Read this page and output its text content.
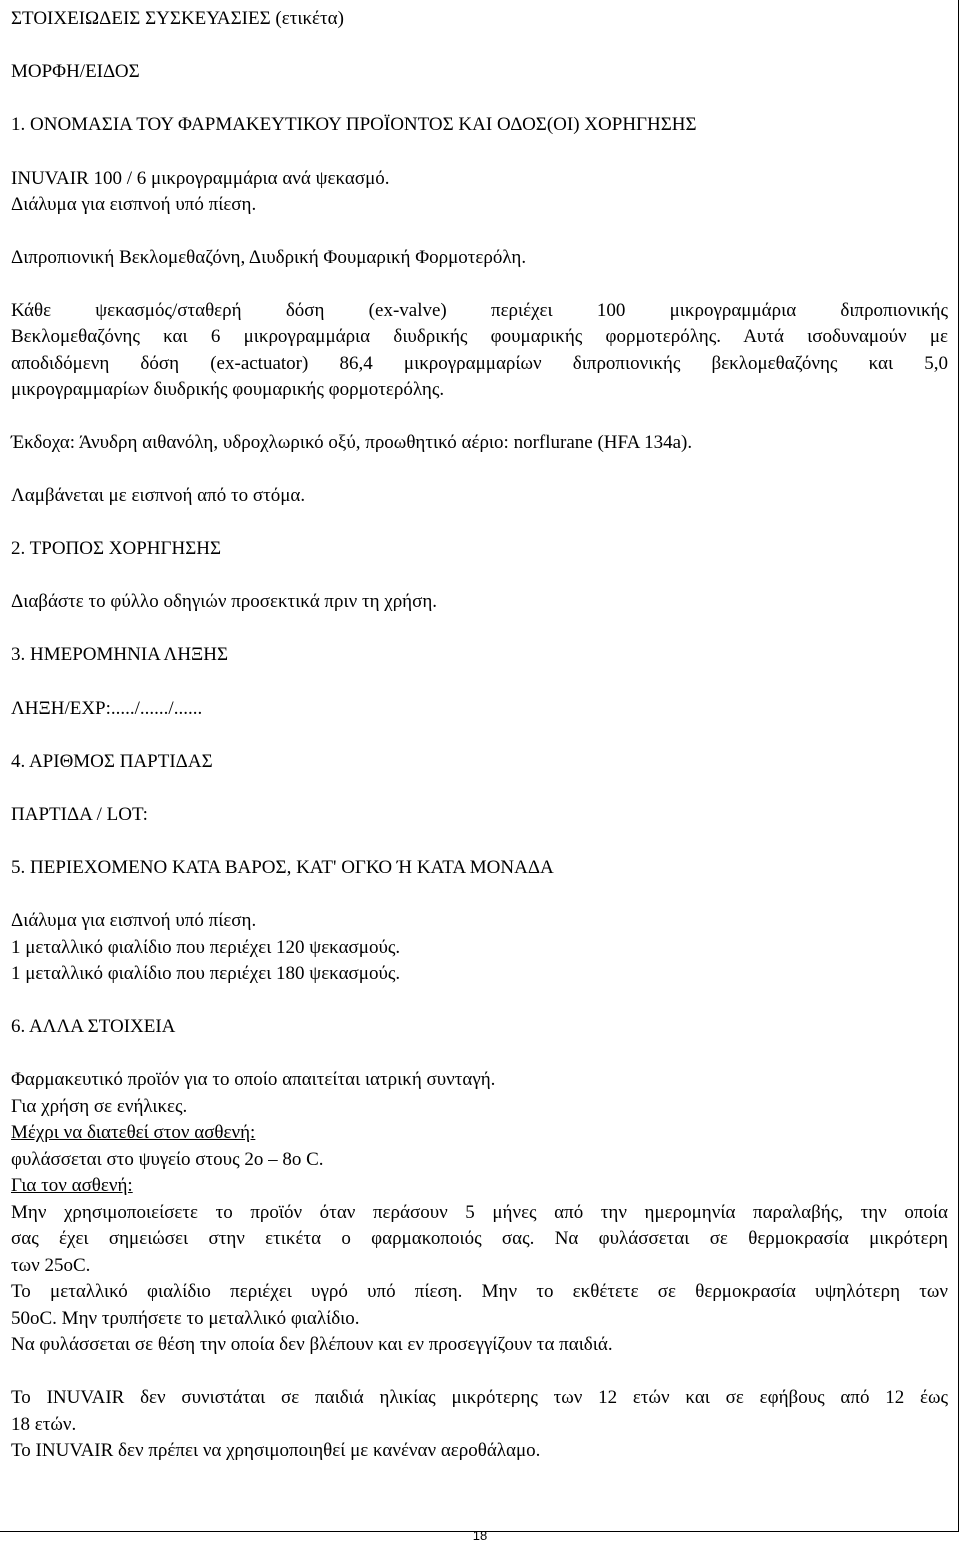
ΣΤΟΙΧΕΙΩΔΕΙΣ ΣΥΣΚΕΥΑΣΙΕΣ (ετικέτα)
ΜΟΡΦΗ/ΕΙΔΟΣ
1. ΟΝΟΜΑΣΙΑ ΤΟΥ ΦΑΡΜΑΚΕΥΤΙΚΟΥ ΠΡΟΪΟΝΤΟΣ ΚΑΙ ΟΔΟΣ(ΟΙ) ΧΟΡΗΓΗΣΗΣ
INUVAIR 100 / 6 μικρογραμμάρια ανά ψεκασμό.
Διάλυμα για εισπνοή υπό πίεση.
Διπροπιονική Βεκλομεθαζόνη, Διυδρική Φουμαρική Φορμοτερόλη.
Κάθε ψεκασμός/σταθερή δόση (ex-valve) περιέχει 100 μικρογραμμάρια διπροπιονικής
Βεκλομεθαζόνης και 6 μικρογραμμάρια διυδρικής φουμαρικής φορμοτερόλης. Αυτά ισοδυναμούν με
αποδιδόμενη δόση (ex-actuator) 86,4 μικρογραμμαρίων διπροπιονικής βεκλομεθαζόνης και 5,0
μικρογραμμαρίων διυδρικής φουμαρικής φορμοτερόλης.
Έκδοχα: Άνυδρη αιθανόλη, υδροχλωρικό οξύ, προωθητικό αέριο: norflurane (HFA 134a).
Λαμβάνεται με εισπνοή από το στόμα.
2. ΤΡΟΠΟΣ ΧΟΡΗΓΗΣΗΣ
Διαβάστε το φύλλο οδηγιών προσεκτικά πριν τη χρήση.
3. ΗΜΕΡΟΜΗΝΙΑ ΛΗΞΗΣ
ΛΗΞΗ/EXP:...../....../......
4. ΑΡΙΘΜΟΣ ΠΑΡΤΙΔΑΣ
ΠΑΡΤΙΔΑ / LOT:
5. ΠΕΡΙΕΧΟΜΕΝΟ ΚΑΤΑ ΒΑΡΟΣ, ΚΑΤ' ΟΓΚΟ Ή ΚΑΤΑ ΜΟΝΑΔΑ
Διάλυμα για εισπνοή υπό πίεση.
1 μεταλλικό φιαλίδιο που περιέχει 120 ψεκασμούς.
1 μεταλλικό φιαλίδιο που περιέχει 180 ψεκασμούς.
6. ΑΛΛΑ ΣΤΟΙΧΕΙΑ
Φαρμακευτικό προϊόν για το οποίο απαιτείται ιατρική συνταγή.
Για χρήση σε ενήλικες.
Μέχρι να διατεθεί στον ασθενή:
φυλάσσεται στο ψυγείο στους 2ο – 8ο C.
Για τον ασθενή:
Μην χρησιμοποιείσετε το προϊόν όταν περάσουν 5 μήνες από την ημερομηνία παραλαβής, την οποία
σας έχει σημειώσει στην ετικέτα ο φαρμακοποιός σας. Να φυλάσσεται σε θερμοκρασία μικρότερη
των 25oC.
Το μεταλλικό φιαλίδιο περιέχει υγρό υπό πίεση. Μην το εκθέτετε σε θερμοκρασία υψηλότερη των
50oC. Μην τρυπήσετε το μεταλλικό φιαλίδιο.
Να φυλάσσεται σε θέση την οποία δεν βλέπουν και εν προσεγγίζουν τα παιδιά.
Το INUVAIR δεν συνιστάται σε παιδιά ηλικίας μικρότερης των 12 ετών και σε εφήβους από 12 έως
18 ετών.
Το INUVAIR δεν πρέπει να χρησιμοποιηθεί με κανέναν αεροθάλαμο.
18
